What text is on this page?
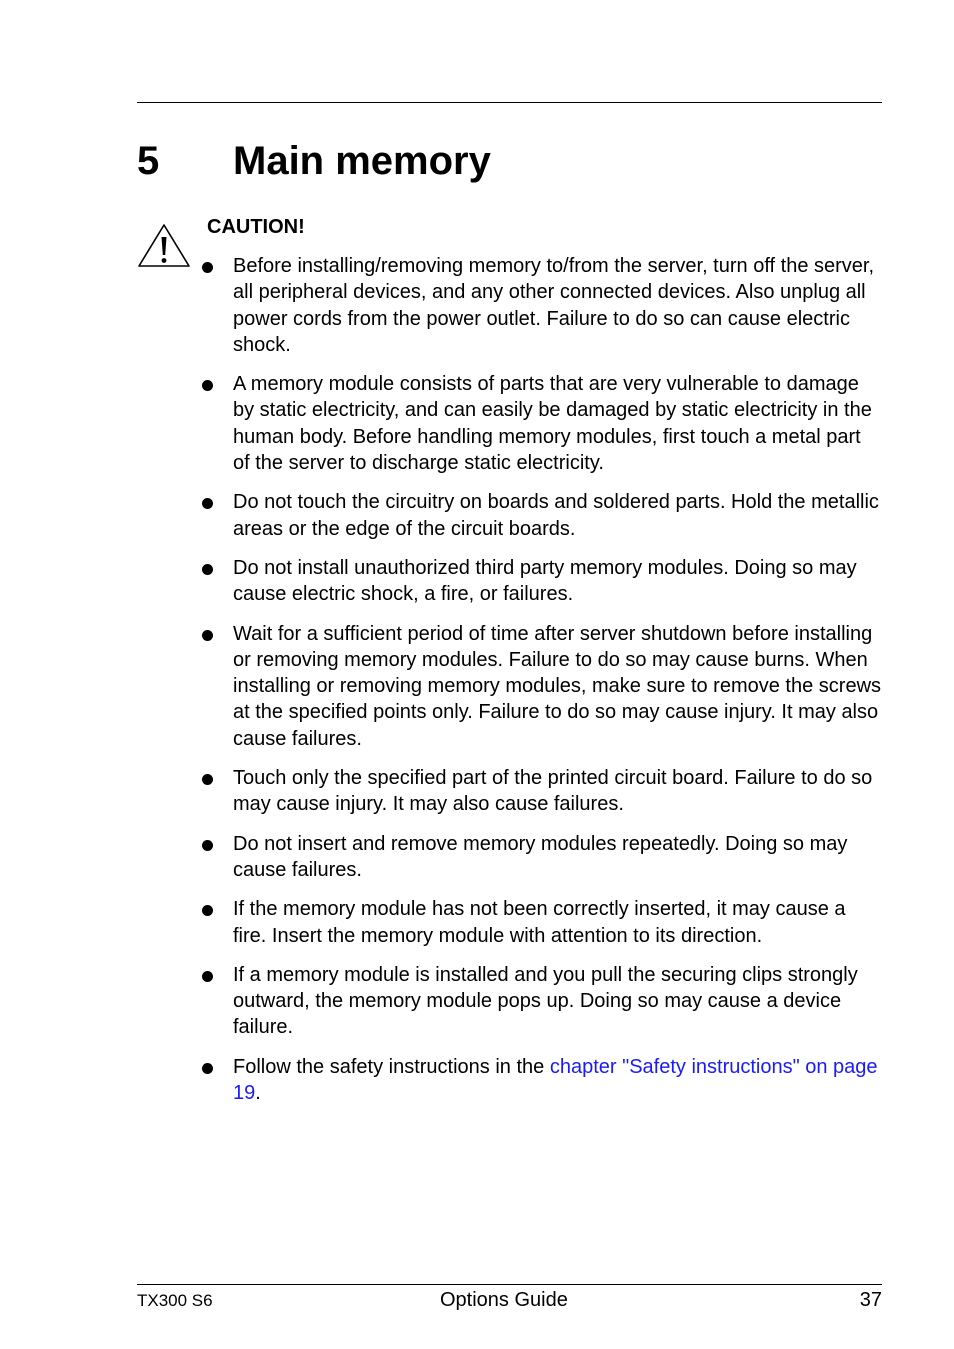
5 Main memory
CAUTION!
Before installing/removing memory to/from the server, turn off the server, all peripheral devices, and any other connected devices. Also unplug all power cords from the power outlet. Failure to do so can cause electric shock.
A memory module consists of parts that are very vulnerable to damage by static electricity, and can easily be damaged by static electricity in the human body. Before handling memory modules, first touch a metal part of the server to discharge static electricity.
Do not touch the circuitry on boards and soldered parts. Hold the metallic areas or the edge of the circuit boards.
Do not install unauthorized third party memory modules. Doing so may cause electric shock, a fire, or failures.
Wait for a sufficient period of time after server shutdown before installing or removing memory modules. Failure to do so may cause burns. When installing or removing memory modules, make sure to remove the screws at the specified points only. Failure to do so may cause injury. It may also cause failures.
Touch only the specified part of the printed circuit board. Failure to do so may cause injury. It may also cause failures.
Do not insert and remove memory modules repeatedly. Doing so may cause failures.
If the memory module has not been correctly inserted, it may cause a fire. Insert the memory module with attention to its direction.
If a memory module is installed and you pull the securing clips strongly outward, the memory module pops up. Doing so may cause a device failure.
Follow the safety instructions in the chapter "Safety instructions" on page 19.
TX300 S6	Options Guide	37
